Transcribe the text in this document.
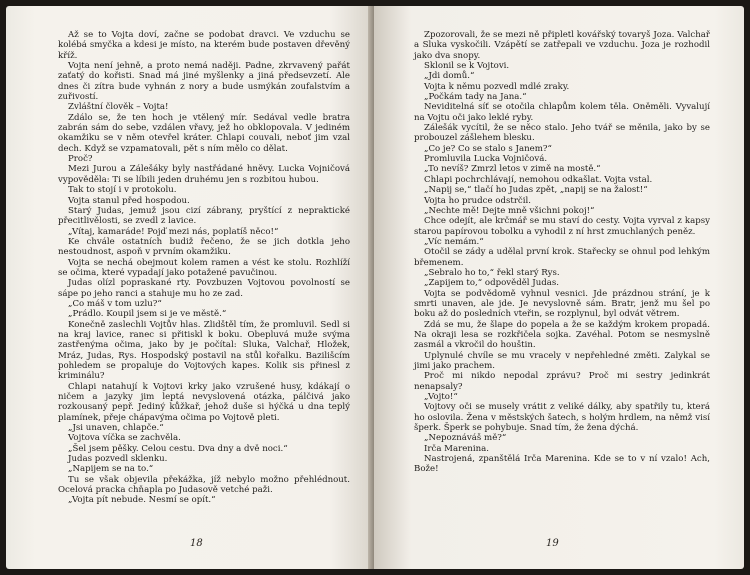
Až se to Vojta doví, začne se podobat dravci. Ve vzduchu se kolébá smyčka a kdesi je místo, na kterém bude postaven dřevěný kříž.

Vojta není jehně, a proto nemá naději. Padne, zkrvavený pařát zaťatý do kořisti. Snad má jiné myšlenky a jiná předsevzetí. Ale dnes či zítra bude vyhnán z nory a bude usmýkán zoufalstvím a zuřivostí.

Zvláštní člověk – Vojta!

Zdálo se, že ten hoch je vtělený mír. Sedával vedle bratra zabrán sám do sebe, vzdálen vřavy, jež ho obklopovala. V jediném okamžiku se v něm otevřel kráter. Chlapi couvali, neboť jim vzal dech. Když se vzpamatovali, pět s ním mělo co dělat.

Proč?

Mezi Jurou a Zálešáky byly nastřádané hněvy. Lucka Vojničová vypověděla: Ti se líbili jeden druhému jen s rozbitou hubou.

Tak to stojí i v protokolu.

Vojta stanul před hospodou.

Starý Judas, jemuž jsou cizí zábrany, pryštící z nepraktické přecitlivělosti, se zvedl z lavice.

„Vítaj, kamaráde! Pojď mezi nás, poplatíš něco!“

Ke chvále ostatních budiž řečeno, že se jich dotkla jeho nestoudnost, aspoň v prvním okamžiku.

Vojta se nechá obejmout kolem ramen a vést ke stolu. Rozhlíží se očima, které vypadají jako potažené pavučinou.

Judas olízl popraskané rty. Povzbuzen Vojtovou povolností se sápe po jeho ranci a stahuje mu ho ze zad.

„Co máš v tom uzlu?“

„Prádlo. Koupil jsem si je ve městě.“

Konečně zaslechli Vojtův hlas. Zlidštěl tím, že promluvil. Sedl si na kraj lavice, ranec si přitiskl k boku. Obepluvá muže svýma zastřenýma očima, jako by je počítal: Sluka, Valchař, Hložek, Mráz, Judas, Rys. Hospodský postavil na stůl kořalku. Bazilišcím pohledem se propaluje do Vojtových kapes. Kolik sis přinesl z kriminálu?

Chlapi natahují k Vojtovi krky jako vzrušené husy, kdákají o ničem a jazyky jim leptá nevyslovená otázka, pálčivá jako rozkousaný pepř. Jediný kůžkař, jehož duše si hýčká u dna teplý plamínek, přeje chápavýma očima po Vojtově pleti.

„Jsi unaven, chlapče.“

Vojtova víčka se zachvěla.

„Šel jsem pěšky. Celou cestu. Dva dny a dvě noci.“

Judas pozvedl sklenku.

„Napijem se na to.“

Tu se však objevila překážka, jíž nebylo možno přehlédnout. Ocelová pracka chňapla po Judasově vetché paži.

„Vojta pít nebude. Nesmí se opít.“

18

Zpozorovali, že se mezi ně připletl kovářský tovaryš Joza. Valchař a Sluka vyskočili. Vzápětí se zatřepali ve vzduchu. Joza je rozhodil jako dva snopy.

Sklonil se k Vojtovi.

„Jdi domů.“

Vojta k němu pozvedl mdlé zraky.

„Počkám tady na Jana.“

Neviditelná síť se otočila chlapům kolem těla. Oněměli. Vyvalují na Vojtu oči jako leklé ryby.

Zálešák vycítil, že se něco stalo. Jeho tvář se měnila, jako by se probouzel zášlehem blesku.

„Co je? Co se stalo s Janem?“

Promluvila Lucka Vojničová.

„To nevíš? Zmrzl letos v zimě na mostě.“

Chlapi pochrchlávají, nemohou odkašlat. Vojta vstal.

„Napij se,“ tlačí ho Judas zpět, „napij se na žalost!“

Vojta ho prudce odstrčil.

„Nechte mě! Dejte mně všichni pokoj!“

Chce odejít, ale krčmář se mu staví do cesty. Vojta vyrval z kapsy starou papírovou tobolku a vyhodil z ní hrst zmuchlaných peněz.

„Víc nemám.“

Otočil se zády a udělal první krok. Stařecky se ohnul pod lehkým břemenem.

„Sebralo ho to,“ řekl starý Rys.

„Zapijem to,“ odpověděl Judas.

Vojta se podvědomě vyhnul vesnici. Jde prázdnou strání, je k smrti unaven, ale jde. Je nevyslovně sám. Bratr, jenž mu šel po boku až do posledních vteřin, se rozplynul, byl odvát větrem.

Zdá se mu, že šlape do popela a že se každým krokem propadá. Na okraji lesa se rozkřičela sojka. Zavéhal. Potom se nesmyslně zasmál a vkročil do houštin.

Uplynulé chvíle se mu vracely v nepřehledné změti. Zalykal se jimi jako prachem.

Proč mi nikdo nepodal zprávu? Proč mi sestry jedinkrát nenapsaly?

„Vojto!“

Vojtovy oči se musely vrátit z veliké dálky, aby spatřily tu, která ho oslovila. Žena v městských šatech, s holým hrdlem, na němž visí šperk. Šperk se pohybuje. Snad tím, že žena dýchá.

„Nepoznáváš mě?“

Irča Marenina.

Nastrojená, zpanštělá Irča Marenina. Kde se to v ní vzalo! Ach, Bože!

19
